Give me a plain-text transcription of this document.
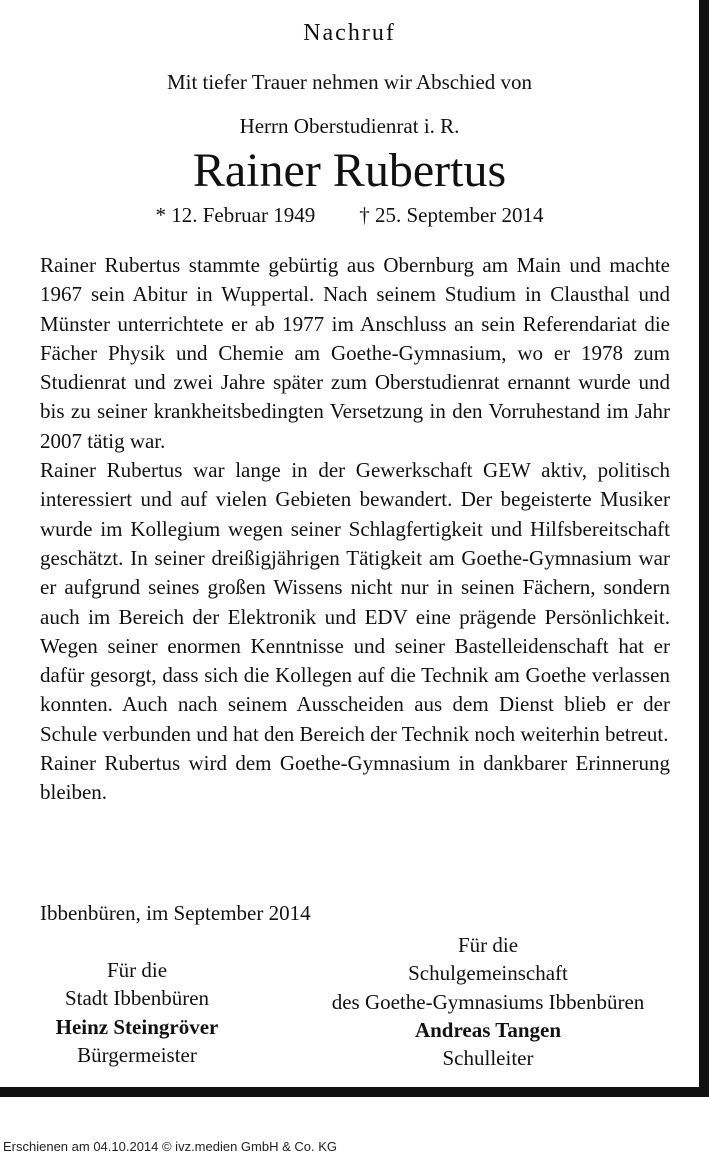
Nachruf
Mit tiefer Trauer nehmen wir Abschied von
Herrn Oberstudienrat i. R.
Rainer Rubertus
* 12. Februar 1949 † 25. September 2014

Rainer Rubertus stammte gebürtig aus Obernburg am Main und machte 1967 sein Abitur in Wuppertal. Nach seinem Studium in Clausthal und Münster unterrichtete er ab 1977 im Anschluss an sein Referendariat die Fächer Physik und Chemie am Goethe-Gymnasium, wo er 1978 zum Studienrat und zwei Jahre später zum Oberstudienrat ernannt wurde und bis zu seiner krankheitsbedingten Versetzung in den Vorruhestand im Jahr 2007 tätig war.

Rainer Rubertus war lange in der Gewerkschaft GEW aktiv, politisch interessiert und auf vielen Gebieten bewandert. Der begeisterte Musiker wurde im Kollegium wegen seiner Schlagfertigkeit und Hilfsbereitschaft geschätzt. In seiner dreißigjährigen Tätigkeit am Goethe-Gymnasium war er aufgrund seines großen Wissens nicht nur in seinen Fächern, sondern auch im Bereich der Elektronik und EDV eine prägende Persönlichkeit. Wegen seiner enormen Kenntnisse und seiner Bastelleidenschaft hat er dafür gesorgt, dass sich die Kollegen auf die Technik am Goethe verlassen konnten. Auch nach seinem Ausscheiden aus dem Dienst blieb er der Schule verbunden und hat den Bereich der Technik noch weiterhin betreut.

Rainer Rubertus wird dem Goethe-Gymnasium in dankbarer Erinnerung bleiben.

Ibbenbüren, im September 2014
Für die
Stadt Ibbenbüren
Heinz Steingröver
Bürgermeister
Für die
Schulgemeinschaft
des Goethe-Gymnasiums Ibbenbüren
Andreas Tangen
Schulleiter
Erschienen am 04.10.2014 © ivz.medien GmbH & Co. KG
